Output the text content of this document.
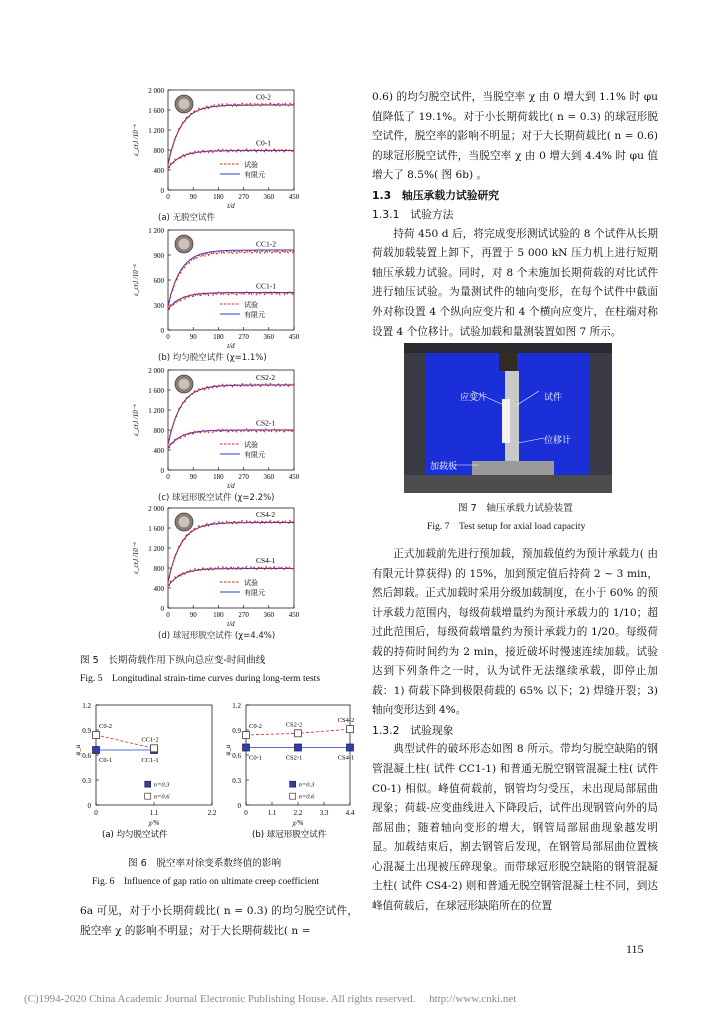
0
400
800
1 200
1 600
2 000
0	90 180 270 360 450
t/d
ε_cr,l /10⁻⁶
C0-2
C0-1
试验
有限元
(a) 无脱空试件
0
300
600
900
1 200
0	90 180 270 360 450
t/d
ε_cr,l /10⁻⁶
CC1-2
CC1-1
试验
有限元
(b) 均匀脱空试件 (χ=1.1%)
0
400
800
1 200
1 600
2 000
0	90 180 270 360 450
t/d
ε_cr,l /10⁻⁶
CS2-2
CS2-1
试验
有限元
(c) 球冠形脱空试件 (χ=2.2%)
0
400
800
1 200
1 600
2 000
0	90 180 270 360 450
t/d
ε_cr,l /10⁻⁶
CS4-2
CS4-1
试验
有限元
(d) 球冠形脱空试件 (χ=4.4%)
0
0.3
0.6
0.9
1.2
0	1.1	2.2
χ/%
φ_u
C0-1	CC1-1
C0-2
CC1-2
n=0.3
n=0.6
(a) 均匀脱空试件
0
0.3
0.6
0.9
1.2
0	1.1 2.2 3.3 4.4
χ/%
φ_u
C0-1	CS2-1	CS4-1
C0-2	CS2-2
CS4-2
n=0.3
n=0.6
(b) 球冠形脱空试件
图 5　长期荷载作用下纵向总应变-时间曲线
Fig. 5　Longitudinal strain-time curves during long-term tests
图 6　脱空率对徐变系数终值的影响
Fig. 6　Influence of gap ratio on ultimate creep coefficient

6a 可见，对于小长期荷载比( n = 0.3) 的均匀脱空试件，脱空率 χ 的影响不明显；对于大长期荷载比( n =

0.6) 的均匀脱空试件，当脱空率 χ 由 0 增大到 1.1% 时 φu 值降低了 19.1%。对于小长期荷载比( n = 0.3) 的球冠形脱空试件，脱空率的影响不明显；对于大长期荷载比( n = 0.6) 的球冠形脱空试件，当脱空率 χ 由 0 增大到 4.4% 时 φu 值增大了 8.5%( 图 6b) 。

1.3　轴压承载力试验研究

1.3.1　试验方法

持荷 450 d 后，将完成变形测试试验的 8 个试件从长期荷载加载装置上卸下，再置于 5 000 kN 压力机上进行短期轴压承载力试验。同时，对 8 个未施加长期荷载的对比试件进行轴压试验。为量测试件的轴向变形，在每个试件中截面外对称设置 4 个纵向应变片和 4 个横向应变片，在柱端对称设置 4 个位移计。试验加载和量测装置如图 7 所示。

应变片	试件
位移计
加载板
图 7　轴压承载力试验装置
Fig. 7　Test setup for axial load capacity

正式加载前先进行预加载，预加载值约为预计承载力( 由有限元计算获得) 的 15%，加到预定值后持荷 2 ~ 3 min，然后卸载。正式加载时采用分级加载制度，在小于 60% 的预计承载力范围内，每级荷载增量约为预计承载力的 1/10；超过此范围后，每级荷载增量约为预计承载力的 1/20。每级荷载的持荷时间约为 2 min，接近破坏时慢速连续加载。试验达到下列条件之一时，认为试件无法继续承载，即停止加载：1) 荷载下降到极限荷载的 65% 以下；2) 焊缝开裂；3) 轴向变形达到 4%。

1.3.2　试验现象

典型试件的破坏形态如图 8 所示。带均匀脱空缺陷的钢管混凝土柱( 试件 CC1-1) 和普通无脱空钢管混凝土柱( 试件 C0-1) 相似。峰值荷载前，钢管均匀受压，未出现局部屈曲现象；荷载-应变曲线进入下降段后，试件出现钢管向外的局部屈曲；随着轴向变形的增大，钢管局部屈曲现象越发明显。加载结束后，割去钢管后发现，在钢管局部屈曲位置核心混凝土出现被压碎现象。而带球冠形脱空缺陷的钢管混凝土柱( 试件 CS4-2) 则和普通无脱空钢管混凝土柱不同，到达峰值荷载后，在球冠形缺陷所在的位置

115
(C)1994-2020 China Academic Journal Electronic Publishing House. All rights reserved.　 http://www.cnki.net
